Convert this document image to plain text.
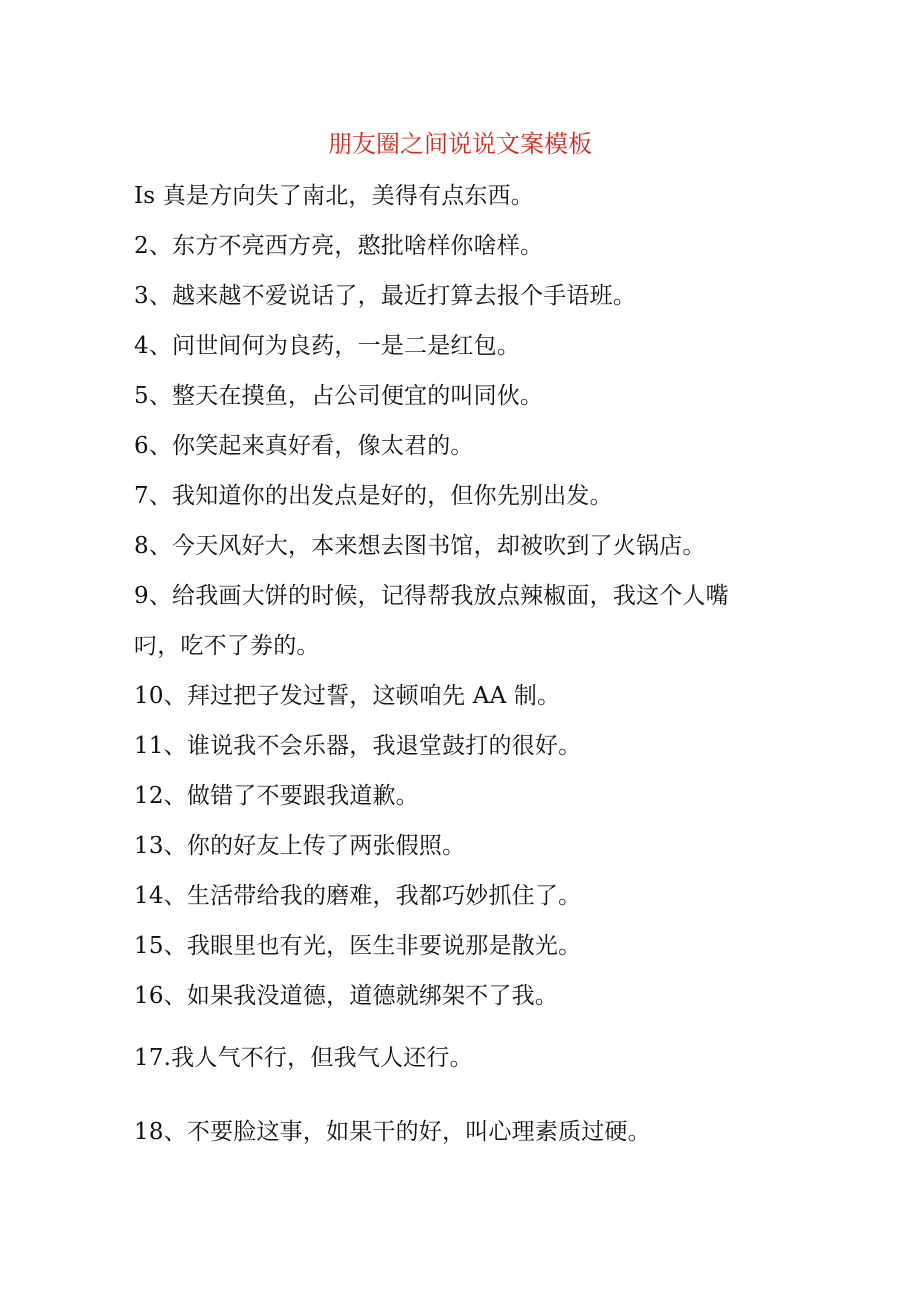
朋友圈之间说说文案模板
Is 真是方向失了南北，美得有点东西。
2、东方不亮西方亮，憨批啥样你啥样。
3、越来越不爱说话了，最近打算去报个手语班。
4、问世间何为良药，一是二是红包。
5、整天在摸鱼，占公司便宜的叫同伙。
6、你笑起来真好看，像太君的。
7、我知道你的出发点是好的，但你先别出发。
8、今天风好大，本来想去图书馆，却被吹到了火锅店。
9、给我画大饼的时候，记得帮我放点辣椒面，我这个人嘴
叼，吃不了劵的。
10、拜过把子发过誓，这顿咱先 AA 制。
11、谁说我不会乐器，我退堂鼓打的很好。
12、做错了不要跟我道歉。
13、你的好友上传了两张假照。
14、生活带给我的磨难，我都巧妙抓住了。
15、我眼里也有光，医生非要说那是散光。
16、如果我没道德，道德就绑架不了我。
17.我人气不行，但我气人还行。
18、不要脸这事，如果干的好，叫心理素质过硬。
